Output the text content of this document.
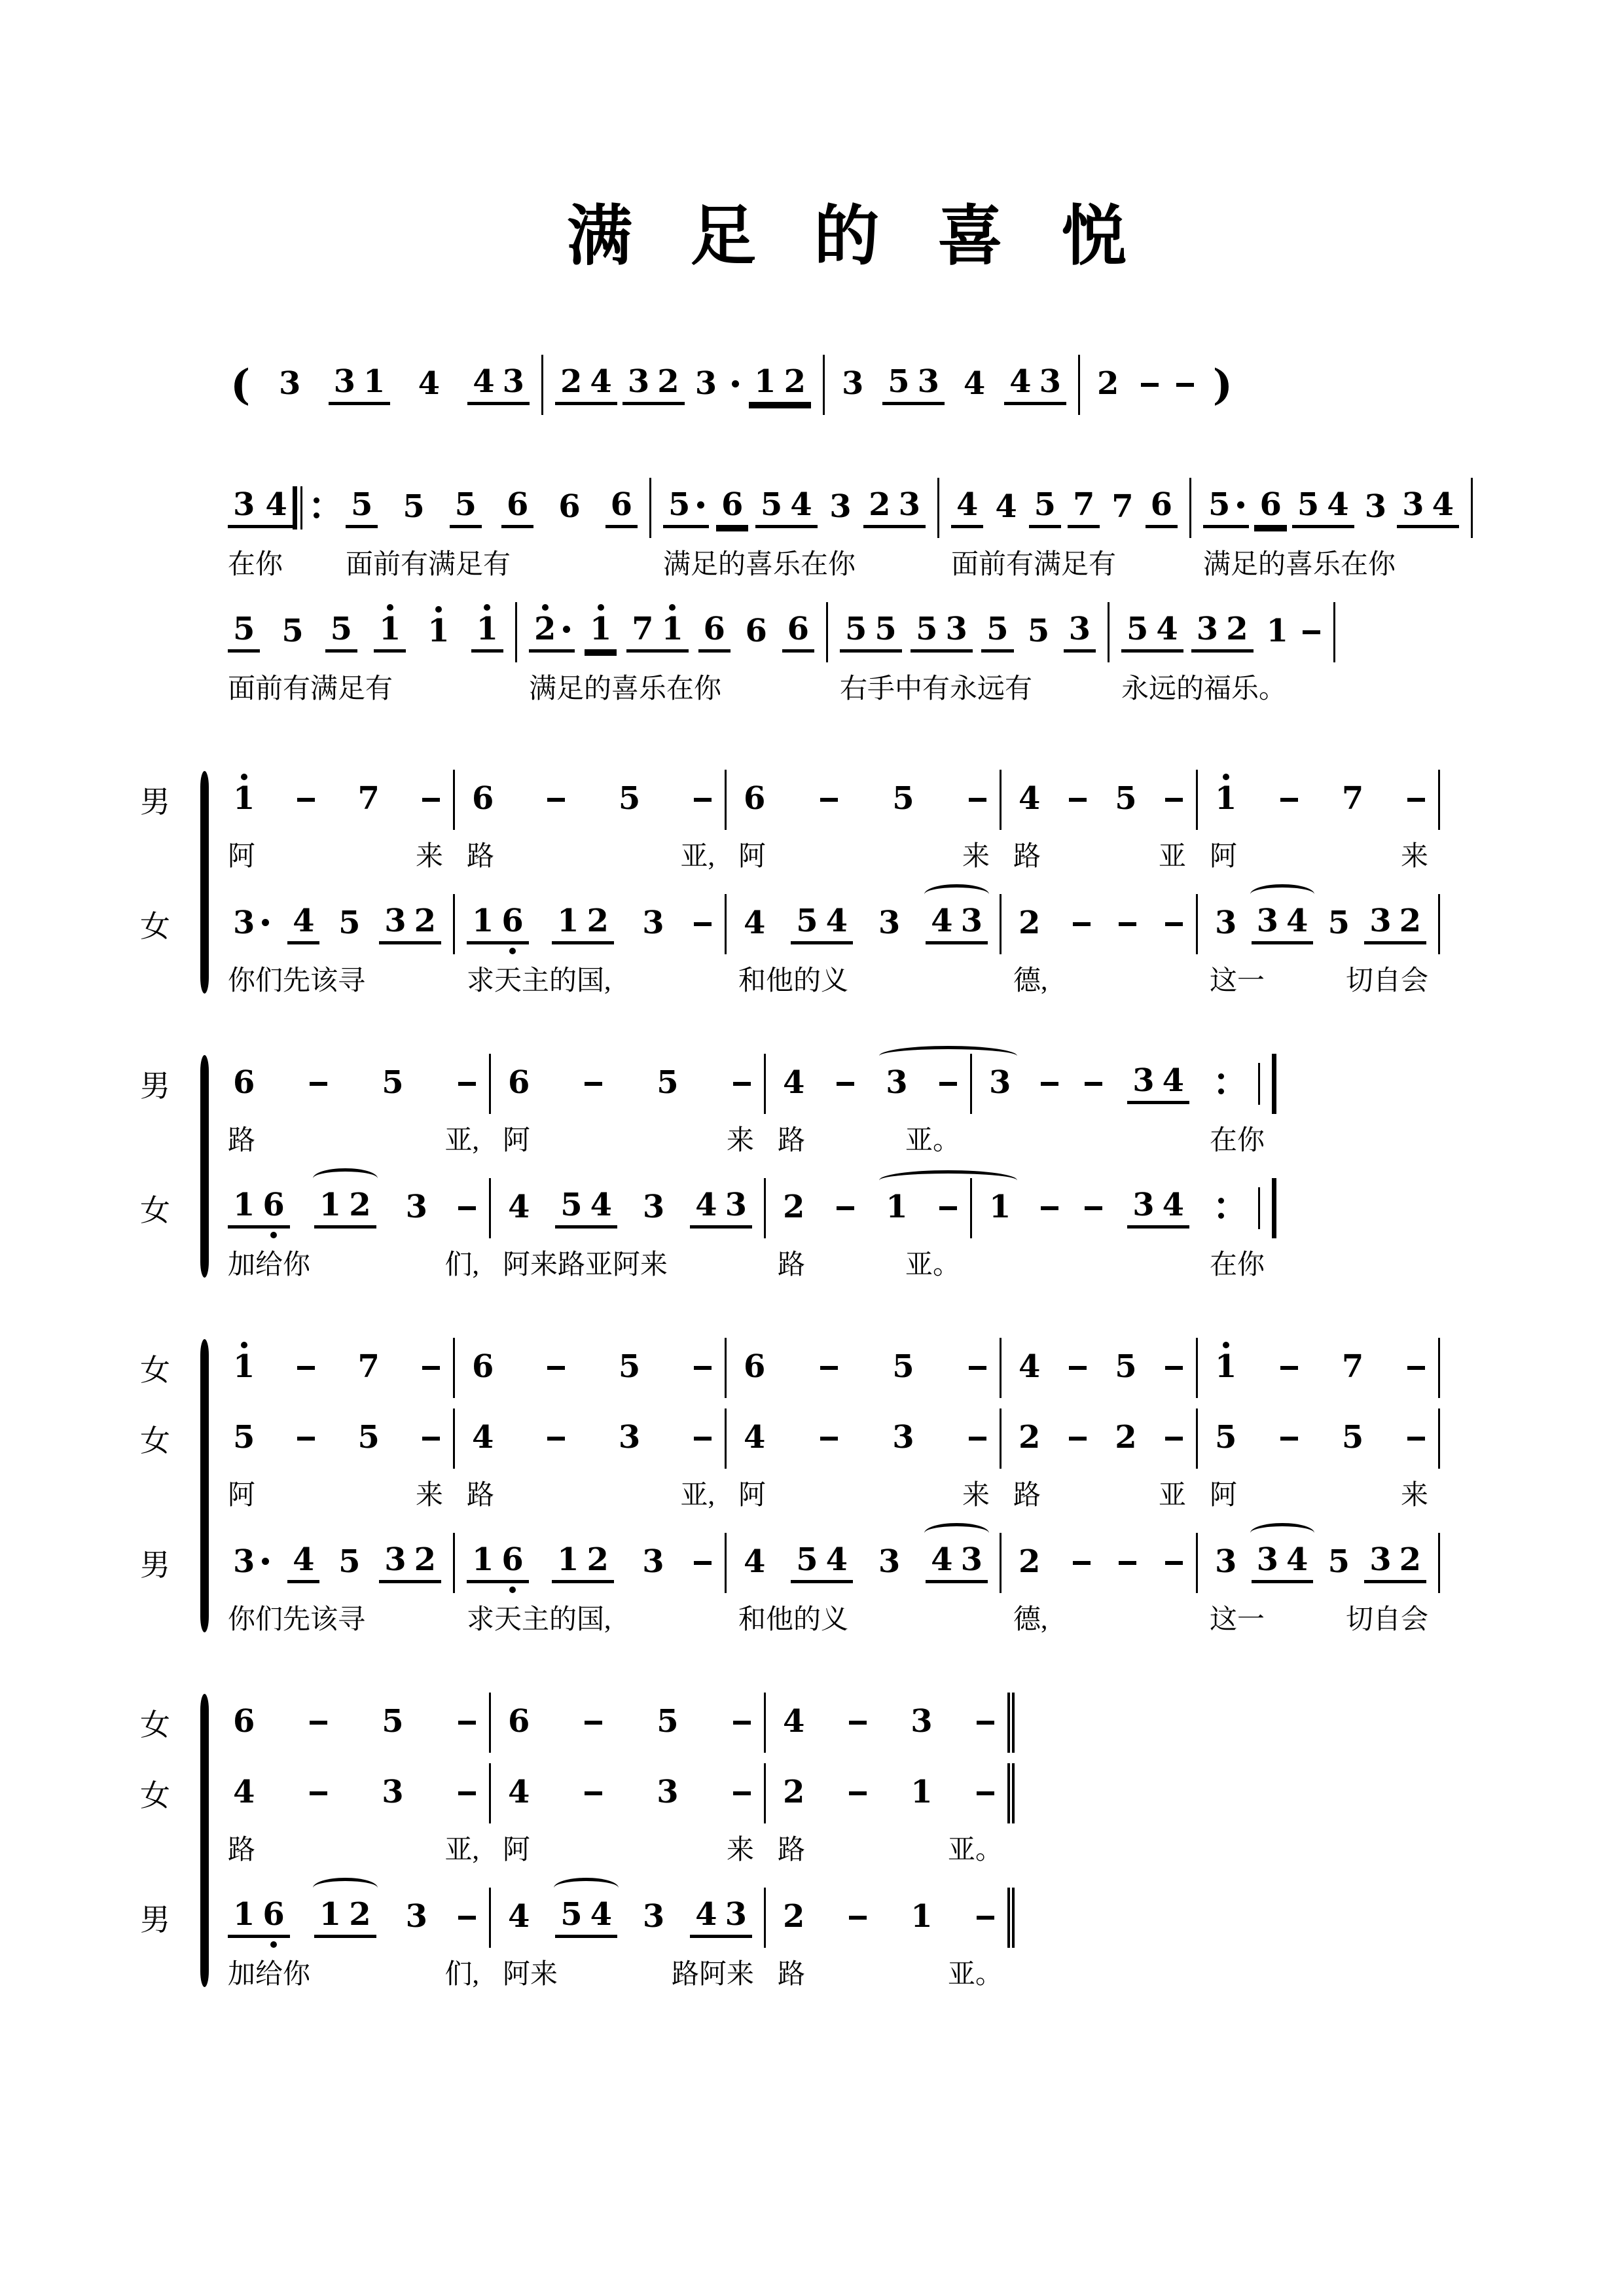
满 足 的 喜 悦
( 3 3 1 4 4 3 2 4 3 2 3 1 2 3 5 3 4 4 3 2 )
3 4 5 5 5 6 6 6 5 6 5 4 3 2 3 4 4 5 7 7 6 5 6 5 4 3 3 4
在你 面前有满足有	满足的喜乐在你	面前有满足有	满足的喜乐在你
5 5 5 1 1 1 2 1 7 1 6 6 6 5 5 5 3 5 5 3 5 4 3 2 1
面前有满足有	满足的喜乐在你	右手中有永远有	永远的福乐。
男	1	7	6	5	6	5	4 5 1	7
阿	来 路	亚, 阿	来 路	亚 阿	来
女	3 4 5 3 2 1 6 1 2 3	4 5 4 3 4 3 2	3 3 4 5 3 2
你们先该寻	求天主的国,	和他的义	德,	这一	切自会
男	6	5	6	5	4	3	3	3 4
路	亚, 阿	来 路	亚。	在你
女	1 6 1 2 3	4 5 4 3 4 3 2	1	1	3 4
加给你	们, 阿来路亚阿来	路	亚。	在你
女	1	7	6	5	6	5	4 5 1	7
女	5	5	4	3	4	3	2 2 5	5
阿	来 路	亚, 阿	来 路	亚 阿	来
男	3 4 5 3 2 1 6 1 2 3	4 5 4 3 4 3 2	3 3 4 5 3 2
你们先该寻	求天主的国,	和他的义	德,	这一	切自会
女	6	5	6	5	4	3
女	4	3	4	3	2	1
路	亚, 阿	来 路	亚。
男	1 6 1 2 3	4 5 4 3 4 3 2	1
加给你	们, 阿来	路阿来 路	亚。
